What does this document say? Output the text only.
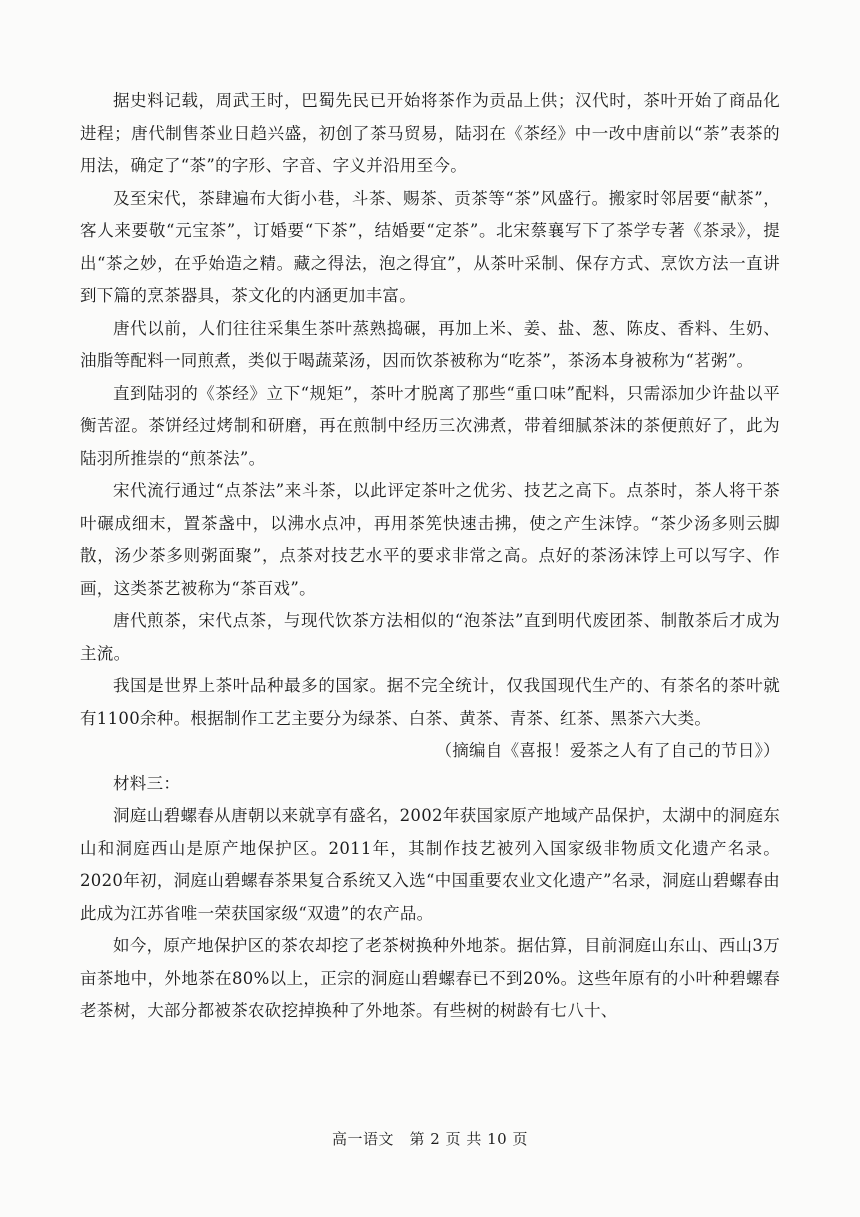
据史料记载，周武王时，巴蜀先民已开始将茶作为贡品上供；汉代时，茶叶开始了商品化进程；唐代制售茶业日趋兴盛，初创了茶马贸易，陆羽在《茶经》中一改中唐前以“荼”表茶的用法，确定了“茶”的字形、字音、字义并沿用至今。

及至宋代，茶肆遍布大街小巷，斗茶、赐茶、贡茶等“茶”风盛行。搬家时邻居要“献茶”，客人来要敬“元宝茶”，订婚要“下茶”，结婚要“定茶”。北宋蔡襄写下了茶学专著《茶录》，提出“茶之妙，在乎始造之精。藏之得法，泡之得宜”，从茶叶采制、保存方式、烹饮方法一直讲到下篇的烹茶器具，茶文化的内涵更加丰富。

唐代以前，人们往往采集生茶叶蒸熟捣碾，再加上米、姜、盐、葱、陈皮、香料、生奶、油脂等配料一同煎煮，类似于喝蔬菜汤，因而饮茶被称为“吃茶”，茶汤本身被称为“茗粥”。

直到陆羽的《茶经》立下“规矩”，茶叶才脱离了那些“重口味”配料，只需添加少许盐以平衡苦涩。茶饼经过烤制和研磨，再在煎制中经历三次沸煮，带着细腻茶沫的茶便煎好了，此为陆羽所推崇的“煎茶法”。

宋代流行通过“点茶法”来斗茶，以此评定茶叶之优劣、技艺之高下。点茶时，茶人将干茶叶碾成细末，置茶盏中，以沸水点冲，再用茶筅快速击拂，使之产生沫饽。“茶少汤多则云脚散，汤少茶多则粥面聚”，点茶对技艺水平的要求非常之高。点好的茶汤沫饽上可以写字、作画，这类茶艺被称为“茶百戏”。

唐代煎茶，宋代点茶，与现代饮茶方法相似的“泡茶法”直到明代废团茶、制散茶后才成为主流。

我国是世界上茶叶品种最多的国家。据不完全统计，仅我国现代生产的、有茶名的茶叶就有1100余种。根据制作工艺主要分为绿茶、白茶、黄茶、青茶、红茶、黑茶六大类。

（摘编自《喜报！爱茶之人有了自己的节日》）

材料三：

洞庭山碧螺春从唐朝以来就享有盛名，2002年获国家原产地域产品保护，太湖中的洞庭东山和洞庭西山是原产地保护区。2011年，其制作技艺被列入国家级非物质文化遗产名录。2020年初，洞庭山碧螺春茶果复合系统又入选“中国重要农业文化遗产”名录，洞庭山碧螺春由此成为江苏省唯一荣获国家级“双遗”的农产品。

如今，原产地保护区的茶农却挖了老茶树换种外地茶。据估算，目前洞庭山东山、西山3万亩茶地中，外地茶在80%以上，正宗的洞庭山碧螺春已不到20%。这些年原有的小叶种碧螺春老茶树，大部分都被茶农砍挖掉换种了外地茶。有些树的树龄有七八十、

高一语文　第 2 页 共 10 页
